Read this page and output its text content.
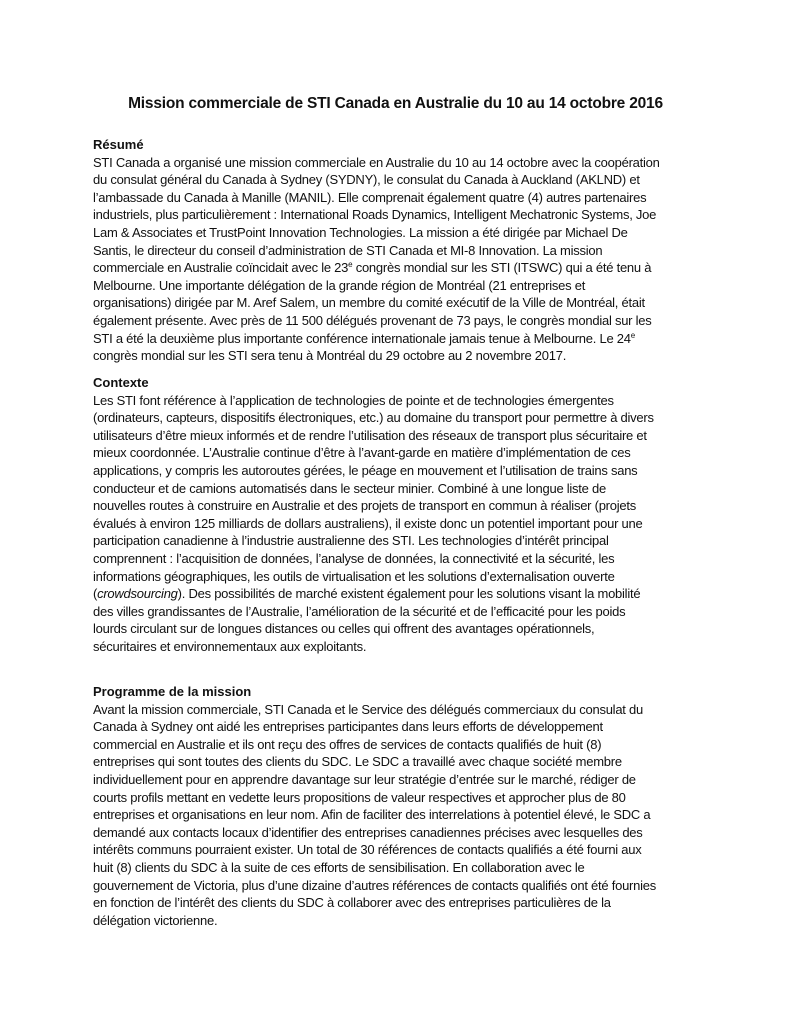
Mission commerciale de STI Canada en Australie du 10 au 14 octobre 2016
Résumé
STI Canada a organisé une mission commerciale en Australie du 10 au 14 octobre avec la coopération
du consulat général du Canada à Sydney (SYDNY), le consulat du Canada à Auckland (AKLND) et
l’ambassade du Canada à Manille (MANIL). Elle comprenait également quatre (4) autres partenaires
industriels, plus particulièrement : International Roads Dynamics, Intelligent Mechatronic Systems, Joe
Lam & Associates et TrustPoint Innovation Technologies. La mission a été dirigée par Michael De
Santis, le directeur du conseil d’administration de STI Canada et MI-8 Innovation. La mission
commerciale en Australie coïncidait avec le 23e congrès mondial sur les STI (ITSWC) qui a été tenu à
Melbourne. Une importante délégation de la grande région de Montréal (21 entreprises et
organisations) dirigée par M. Aref Salem, un membre du comité exécutif de la Ville de Montréal, était
également présente. Avec près de 11 500 délégués provenant de 73 pays, le congrès mondial sur les
STI a été la deuxième plus importante conférence internationale jamais tenue à Melbourne. Le 24e
congrès mondial sur les STI sera tenu à Montréal du 29 octobre au 2 novembre 2017.
Contexte
Les STI font référence à l’application de technologies de pointe et de technologies émergentes
(ordinateurs, capteurs, dispositifs électroniques, etc.) au domaine du transport pour permettre à divers
utilisateurs d’être mieux informés et de rendre l’utilisation des réseaux de transport plus sécuritaire et
mieux coordonnée. L’Australie continue d’être à l’avant-garde en matière d’implémentation de ces
applications, y compris les autoroutes gérées, le péage en mouvement et l’utilisation de trains sans
conducteur et de camions automatisés dans le secteur minier. Combiné à une longue liste de
nouvelles routes à construire en Australie et des projets de transport en commun à réaliser (projets
évalués à environ 125 milliards de dollars australiens), il existe donc un potentiel important pour une
participation canadienne à l’industrie australienne des STI. Les technologies d’intérêt principal
comprennent : l’acquisition de données, l’analyse de données, la connectivité et la sécurité, les
informations géographiques, les outils de virtualisation et les solutions d’externalisation ouverte
(crowdsourcing). Des possibilités de marché existent également pour les solutions visant la mobilité
des villes grandissantes de l’Australie, l’amélioration de la sécurité et de l’efficacité pour les poids
lourds circulant sur de longues distances ou celles qui offrent des avantages opérationnels,
sécuritaires et environnementaux aux exploitants.
Programme de la mission
Avant la mission commerciale, STI Canada et le Service des délégués commerciaux du consulat du
Canada à Sydney ont aidé les entreprises participantes dans leurs efforts de développement
commercial en Australie et ils ont reçu des offres de services de contacts qualifiés de huit (8)
entreprises qui sont toutes des clients du SDC. Le SDC a travaillé avec chaque société membre
individuellement pour en apprendre davantage sur leur stratégie d’entrée sur le marché, rédiger de
courts profils mettant en vedette leurs propositions de valeur respectives et approcher plus de 80
entreprises et organisations en leur nom. Afin de faciliter des interrelations à potentiel élevé, le SDC a
demandé aux contacts locaux d’identifier des entreprises canadiennes précises avec lesquelles des
intérêts communs pourraient exister. Un total de 30 références de contacts qualifiés a été fourni aux
huit (8) clients du SDC à la suite de ces efforts de sensibilisation. En collaboration avec le
gouvernement de Victoria, plus d’une dizaine d’autres références de contacts qualifiés ont été fournies
en fonction de l’intérêt des clients du SDC à collaborer avec des entreprises particulières de la
délégation victorienne.
